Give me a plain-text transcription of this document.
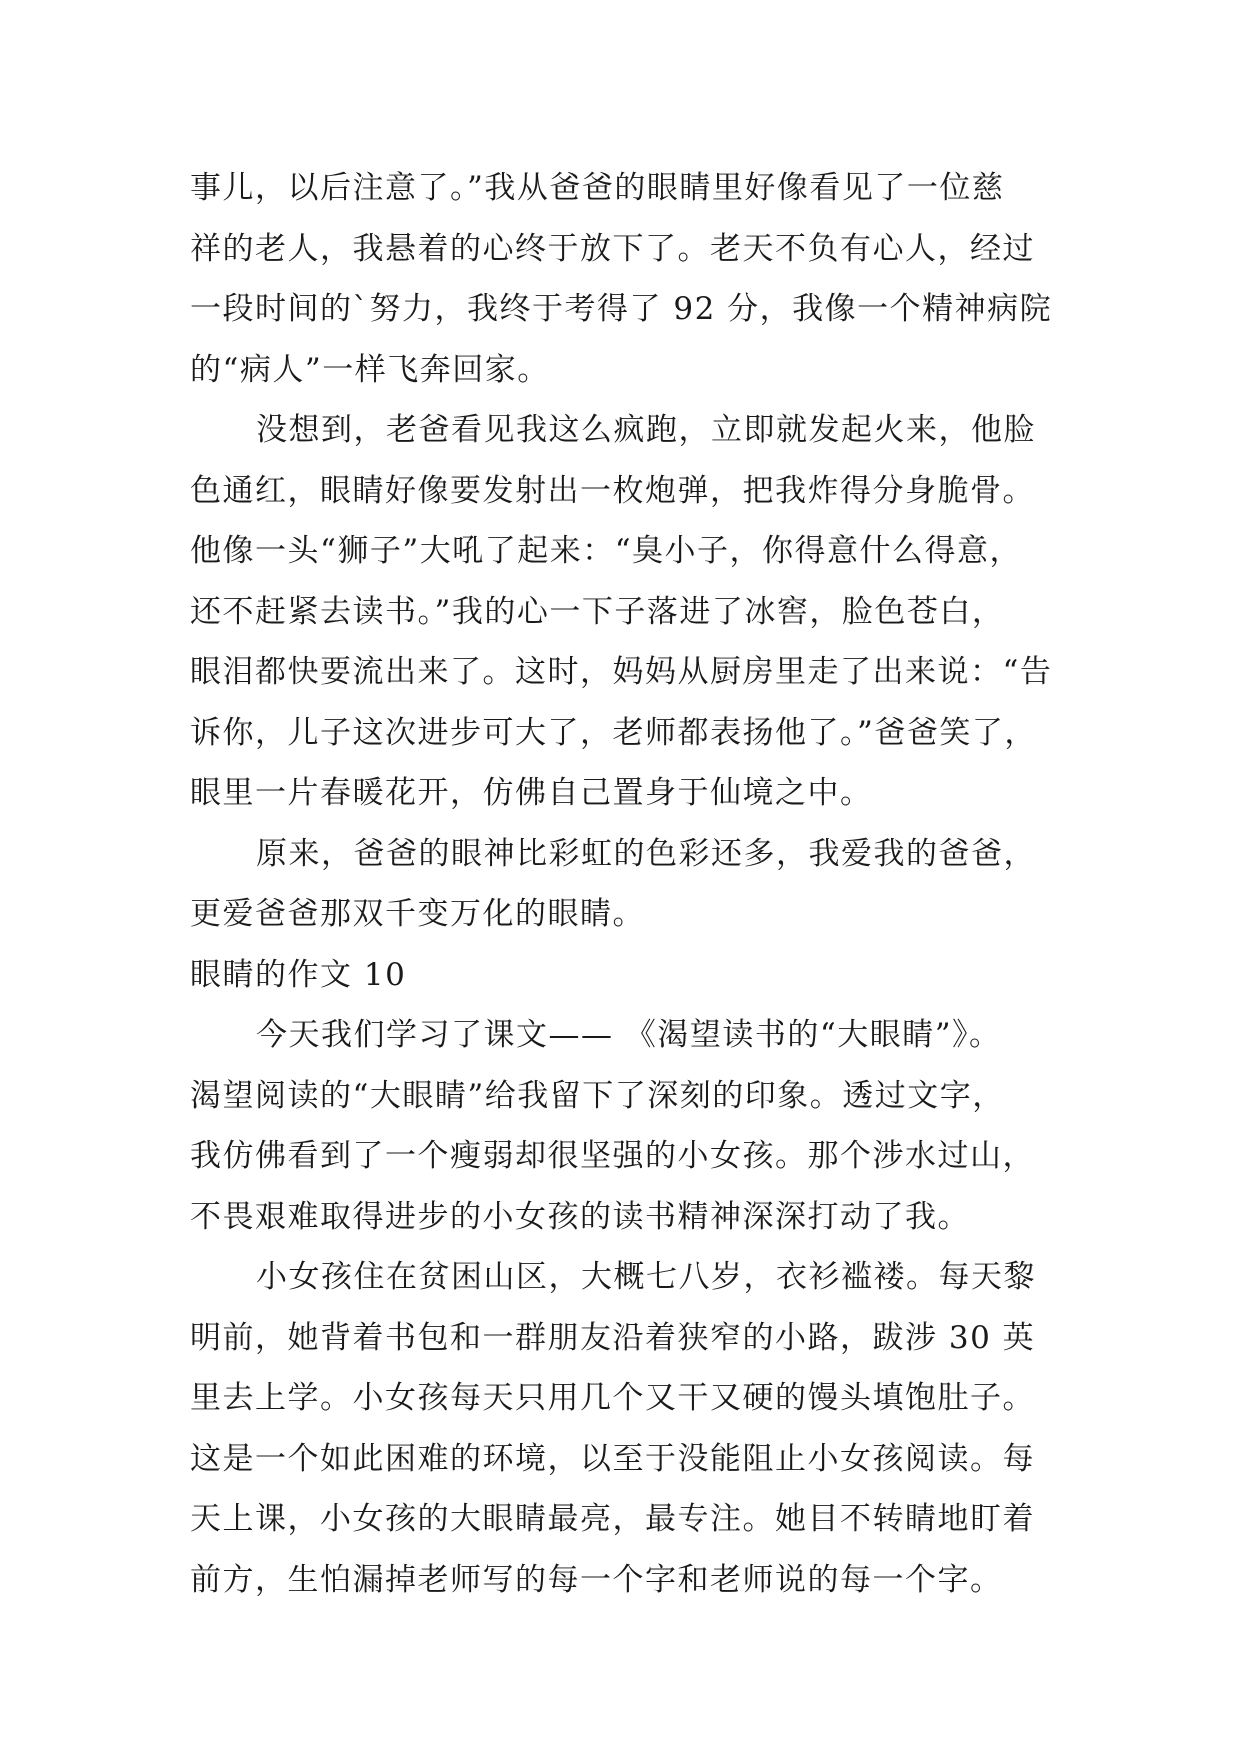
事儿，以后注意了。”我从爸爸的眼睛里好像看见了一位慈
祥的老人，我悬着的心终于放下了。老天不负有心人，经过
一段时间的`努力，我终于考得了 92 分，我像一个精神病院
的“病人”一样飞奔回家。
没想到，老爸看见我这么疯跑，立即就发起火来，他脸
色通红，眼睛好像要发射出一枚炮弹，把我炸得分身脆骨。
他像一头“狮子”大吼了起来：“臭小子，你得意什么得意，
还不赶紧去读书。”我的心一下子落进了冰窖，脸色苍白，
眼泪都快要流出来了。这时，妈妈从厨房里走了出来说：“告
诉你，儿子这次进步可大了，老师都表扬他了。”爸爸笑了，
眼里一片春暖花开，仿佛自己置身于仙境之中。
原来，爸爸的眼神比彩虹的色彩还多，我爱我的爸爸，
更爱爸爸那双千变万化的眼睛。
眼睛的作文 10
今天我们学习了课文—— 《渴望读书的“大眼睛”》。
渴望阅读的“大眼睛”给我留下了深刻的印象。透过文字，
我仿佛看到了一个瘦弱却很坚强的小女孩。那个涉水过山，
不畏艰难取得进步的小女孩的读书精神深深打动了我。
小女孩住在贫困山区，大概七八岁，衣衫褴褛。每天黎
明前，她背着书包和一群朋友沿着狭窄的小路，跋涉 30 英
里去上学。小女孩每天只用几个又干又硬的馒头填饱肚子。
这是一个如此困难的环境，以至于没能阻止小女孩阅读。每
天上课，小女孩的大眼睛最亮，最专注。她目不转睛地盯着
前方，生怕漏掉老师写的每一个字和老师说的每一个字。
